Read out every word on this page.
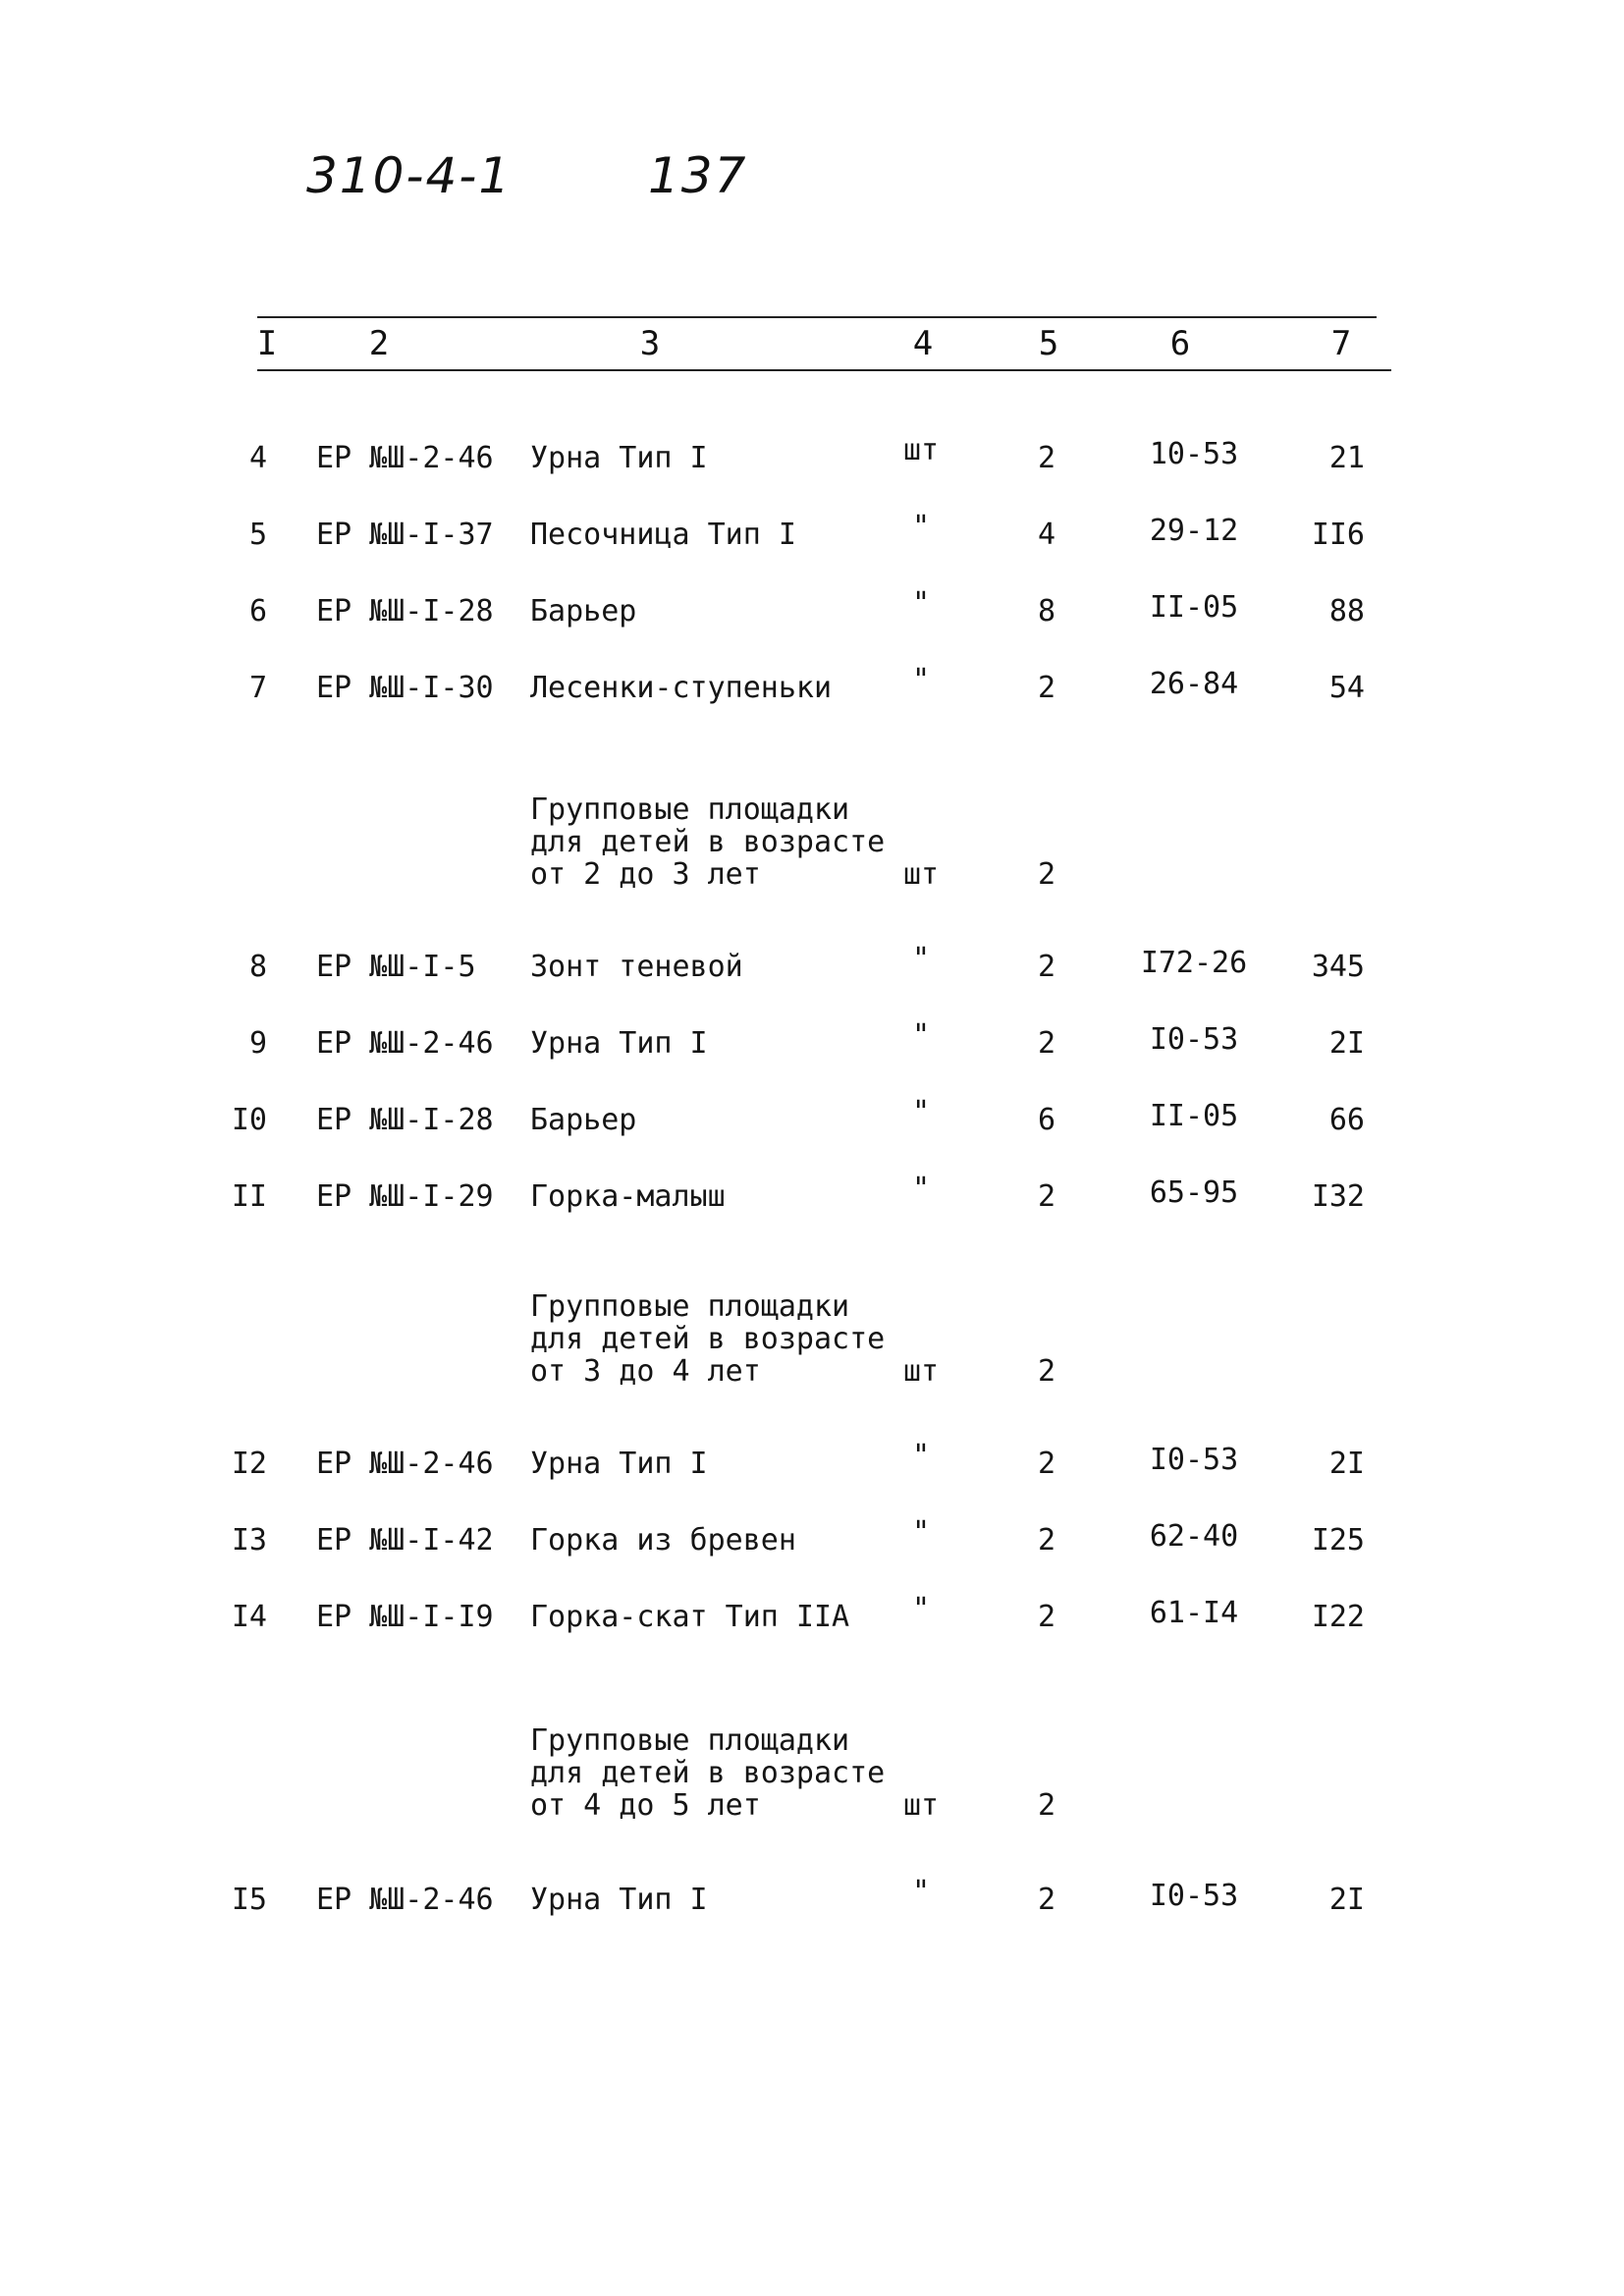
310-4-1	137
I	2	3	4	5	6	7
4 ЕР №Ш-2-46 Урна Тип I	шт	2	10-53	21
5 ЕР №Ш-I-37 Песочница Тип I	"	4	29-12	II6
6 ЕР №Ш-I-28 Барьер	"	8	II-05	88
7 ЕР №Ш-I-30 Лесенки-ступеньки	"	2	26-84	54
Групповые площадки
для детей в возрасте
от 2 до 3 лет	шт	2
8 ЕР №Ш-I-5 Зонт теневой	"	2	I72-26	345
9 ЕР №Ш-2-46 Урна Тип I	"	2	I0-53	2I
I0 ЕР №Ш-I-28 Барьер	"	6	II-05	66
II ЕР №Ш-I-29 Горка-малыш	"	2	65-95	I32
Групповые площадки
для детей в возрасте
от 3 до 4 лет	шт	2
I2 ЕР №Ш-2-46 Урна Тип I	"	2	I0-53	2I
I3 ЕР №Ш-I-42 Горка из бревен	"	2	62-40	I25
I4 ЕР №Ш-I-I9 Горка-скат Тип IIА	"	2	61-I4	I22
Групповые площадки
для детей в возрасте
от 4 до 5 лет	шт	2
I5 ЕР №Ш-2-46 Урна Тип I	"	2	I0-53	2I
